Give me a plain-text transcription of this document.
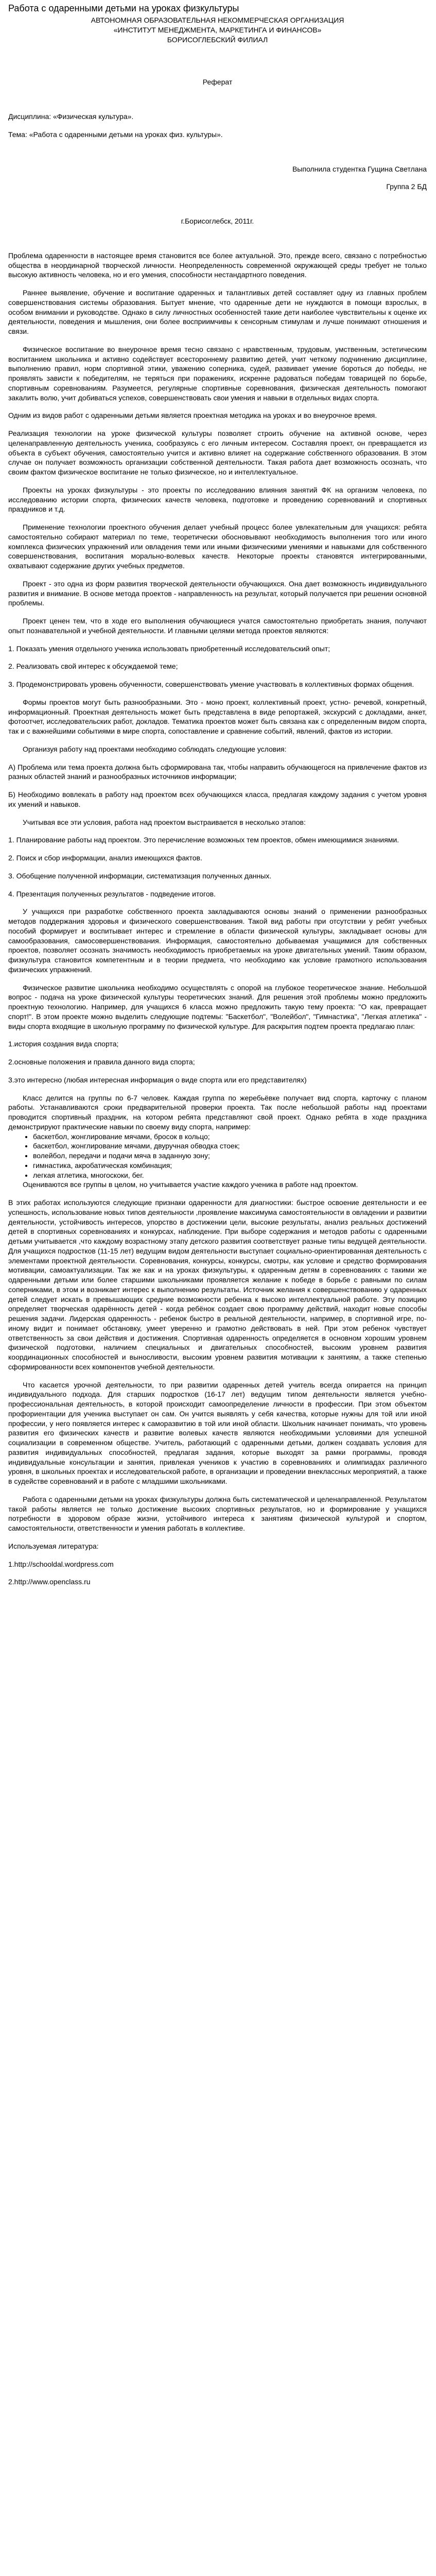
Работа с одаренными детьми на уроках физкультуры
АВТОНОМНАЯ ОБРАЗОВАТЕЛЬНАЯ НЕКОММЕРЧЕСКАЯ ОРГАНИЗАЦИЯ
«ИНСТИТУТ МЕНЕДЖМЕНТА, МАРКЕТИНГА И ФИНАНСОВ»
БОРИСОГЛЕБСКИЙ ФИЛИАЛ
Реферат
Дисциплина: «Физическая культура».
Тема: «Работа с одаренными детьми на уроках физ. культуры».
Выполнила студентка Гущина Светлана
Группа 2 БД
г.Борисоглебск, 2011г.

Проблема одаренности в настоящее время становится все более актуальной. Это, прежде всего, связано с потребностью общества в неординарной творческой личности. Неопределенность современной окружающей среды требует не только высокую активность человека, но и его умения, способности нестандартного поведения.

Раннее выявление, обучение и воспитание одаренных и талантливых детей составляет одну из главных проблем совершенствования системы образования. Бытует мнение, что одаренные дети не нуждаются в помощи взрослых, в особом внимании и руководстве. Однако в силу личностных особенностей такие дети наиболее чувствительны к оценке их деятельности, поведения и мышления, они более восприимчивы к сенсорным стимулам и лучше понимают отношения и связи.

Физическое воспитание во внеурочное время тесно связано с нравственным, трудовым, умственным, эстетическим воспитанием школьника и активно содействует всестороннему развитию детей, учит четкому подчинению дисциплине, выполнению правил, норм спортивной этики, уважению соперника, судей, развивает умение бороться до победы, не проявлять зависти к победителям, не теряться при поражениях, искренне радоваться победам товарищей по борьбе, спортивным соревнованиям. Разумеется, регулярные спортивные соревнования, физическая деятельность помогают закалить волю, учит добиваться успехов, совершенствовать свои умения и навыки в отдельных видах спорта.

Одним из видов работ с одаренными детьми является проектная методика на уроках и во внеурочное время.

Реализация технологии на уроке физической культуры позволяет строить обучение на активной основе, через целенаправленную деятельность ученика, сообразуясь с его личным интересом. Составляя проект, он превращается из объекта в субъект обучения, самостоятельно учится и активно влияет на содержание собственного образования. В этом случае он получает возможность организации собственной деятельности. Такая работа дает возможность осознать, что своим фактом физическое воспитание не только физическое, но и интеллектуальное.

Проекты на уроках физкультуры - это проекты по исследованию влияния занятий ФК на организм человека, по исследованию истории спорта, физических качеств человека, подготовке и проведению соревнований и спортивных праздников и т.д.

Применение технологии проектного обучения делает учебный процесс более увлекательным для учащихся: ребята самостоятельно собирают материал по теме, теоретически обосновывают необходимость выполнения того или иного комплекса физических упражнений или овладения теми или иными физическими умениями и навыками для собственного совершенствования, воспитания морально-волевых качеств. Некоторые проекты становятся интегрированными, охватывают содержание других учебных предметов.

Проект - это одна из форм развития творческой деятельности обучающихся. Она дает возможность индивидуального развития и внимание. В основе метода проектов - направленность на результат, который получается при решении основной проблемы.

Проект ценен тем, что в ходе его выполнения обучающиеся учатся самостоятельно приобретать знания, получают опыт познавательной и учебной деятельности. И главными целями метода проектов являются:

1. Показать умения отдельного ученика использовать приобретенный исследовательский опыт;

2. Реализовать свой интерес к обсуждаемой теме;

3. Продемонстрировать уровень обученности, совершенствовать умение участвовать в коллективных формах общения.

Формы проектов могут быть разнообразными. Это - моно проект, коллективный проект, устно- речевой, конкретный, информационный. Проектная деятельность может быть представлена в виде репортажей, экскурсий с докладами, анкет, фотоотчет, исследовательских работ, докладов. Тематика проектов может быть связана как с определенным видом спорта, так и с важнейшими событиями в мире спорта, сопоставление и сравнение событий, явлений, фактов из истории.

Организуя работу над проектами необходимо соблюдать следующие условия:

А) Проблема или тема проекта должна быть сформирована так, чтобы направить обучающегося на привлечение фактов из разных областей знаний и разнообразных источников информации;

Б) Необходимо вовлекать в работу над проектом всех обучающихся класса, предлагая каждому задания с учетом уровня их умений и навыков.

Учитывая все эти условия, работа над проектом выстраивается в несколько этапов:

1. Планирование работы над проектом. Это перечисление возможных тем проектов, обмен имеющимися знаниями.

2. Поиск и сбор информации, анализ имеющихся фактов.

3. Обобщение полученной информации, систематизация полученных данных.

4. Презентация полученных результатов - подведение итогов.

У учащихся при разработке собственного проекта закладываются основы знаний о применении разнообразных методов поддержания здоровья и физического совершенствования. Такой вид работы при отсутствии у ребят учебных пособий формирует и воспитывает интерес и стремление в области физической культуры, закладывает основы для самообразования, самосовершенствования. Информация, самостоятельно добываемая учащимися для собственных проектов, позволяет осознать значимость необходимость приобретаемых на уроке двигательных умений. Таким образом, физкультура становится компетентным и в теории предмета, что необходимо как условие грамотного использования физических упражнений.

Физическое развитие школьника необходимо осуществлять с опорой на глубокое теоретическое знание. Небольшой вопрос - подача на уроке физической культуры теоретических знаний. Для решения этой проблемы можно предложить проектную технологию. Например, для учащихся 6 класса можно предложить такую тему проекта: "О как, превращает спорт!". В этом проекте можно выделить следующие подтемы: "Баскетбол", "Волейбол", "Гимнастика", "Легкая атлетика" - виды спорта входящие в школьную программу по физической культуре. Для раскрытия подтем проекта предлагаю план:

1.история создания вида спорта;

2.основные положения и правила данного вида спорта;

3.это интересно (любая интересная информация о виде спорта или его представителях)

Класс делится на группы по 6-7 человек. Каждая группа по жеребьёвке получает вид спорта, карточку с планом работы. Устанавливаются сроки предварительной проверки проекта. Так после небольшой работы над проектами проводится спортивный праздник, на котором ребята представляют свой проект. Однако ребята в ходе праздника демонстрируют практические навыки по своему виду спорта, например:

• баскетбол, жонглирование мячами, бросок в кольцо;
• баскетбол, жонглирование мячами, двуручная обводка стоек;
• волейбол, передачи и подачи мяча в заданную зону;
• гимнастика, акробатическая комбинация;
• легкая атлетика, многоскоки, бег.

Оцениваются все группы в целом, но учитывается участие каждого ученика в работе над проектом.

В этих работах используются следующие признаки одаренности для диагностики: быстрое освоение деятельности и ее успешность, использование новых типов деятельности ,проявление максимума самостоятельности в овладении и развитии деятельности, устойчивость интересов, упорство в достижении цели, высокие результаты, анализ реальных достижений детей в спортивных соревнованиях и конкурсах, наблюдение. При выборе содержания и методов работы с одаренными детьми учитывается ,что каждому возрастному этапу детского развития соответствует разные типы ведущей деятельности. Для учащихся подростков (11-15 лет) ведущим видом деятельности выступает социально-ориентированная деятельность с элементами проектной деятельности. Соревнования, конкурсы, конкурсы, смотры, как условие и средство формирования мотивации, самоактуализации. Так же как и на уроках физкультуры, к одаренным детям в соревнованиях с такими же одаренными детьми или более старшими школьниками проявляется желание к победе в борьбе с равными по силам соперниками, в этом и возникает интерес к выполнению результаты. Источник желания к совершенствованию у одаренных детей следует искать в превышающих средние возможности ребенка к высоко интеллектуальной работе. Эту позицию определяет творческая одарённость детей - когда ребёнок создает свою программу действий, находит новые способы решения задачи. Лидерская одаренность - ребенок быстро в реальной деятельности, например, в спортивной игре, по-иному видит и понимает обстановку, умеет уверенно и грамотно действовать в ней. При этом ребенок чувствует ответственность за свои действия и достижения. Спортивная одаренность определяется в основном хорошим уровнем физической подготовки, наличием специальных и двигательных способностей, высоким уровнем развития координационных способностей и выносливости, высоким уровнем развития мотивации к занятиям, а также степенью сформированности всех компонентов учебной деятельности.

Что касается урочной деятельности, то при развитии одаренных детей учитель всегда опирается на принцип индивидуального подхода. Для старших подростков (16-17 лет) ведущим типом деятельности является учебно-профессиональная деятельность, в которой происходит самоопределение личности в профессии. При этом объектом профориентации для ученика выступает он сам. Он учится выявлять у себя качества, которые нужны для той или иной профессии, у него появляется интерес к саморазвитию в той или иной области. Школьник начинает понимать, что уровень развития его физических качеств и развитие волевых качеств являются необходимыми условиями для успешной социализации в современном обществе. Учитель, работающий с одаренными детьми, должен создавать условия для развития индивидуальных способностей, предлагая задания, которые выходят за рамки программы, проводя индивидуальные консультации и занятия, привлекая учеников к участию в соревнованиях и олимпиадах различного уровня, в школьных проектах и исследовательской работе, в организации и проведении внеклассных мероприятий, а также в судействе соревнований и в работе с младшими школьниками.

Работа с одаренными детьми на уроках физкультуры должна быть систематической и целенаправленной. Результатом такой работы является не только достижение высоких спортивных результатов, но и формирование у учащихся потребности в здоровом образе жизни, устойчивого интереса к занятиям физической культурой и спортом, самостоятельности, ответственности и умения работать в коллективе.

Используемая литература:
1.http://schooldal.wordpress.com
2.http://www.openclass.ru
